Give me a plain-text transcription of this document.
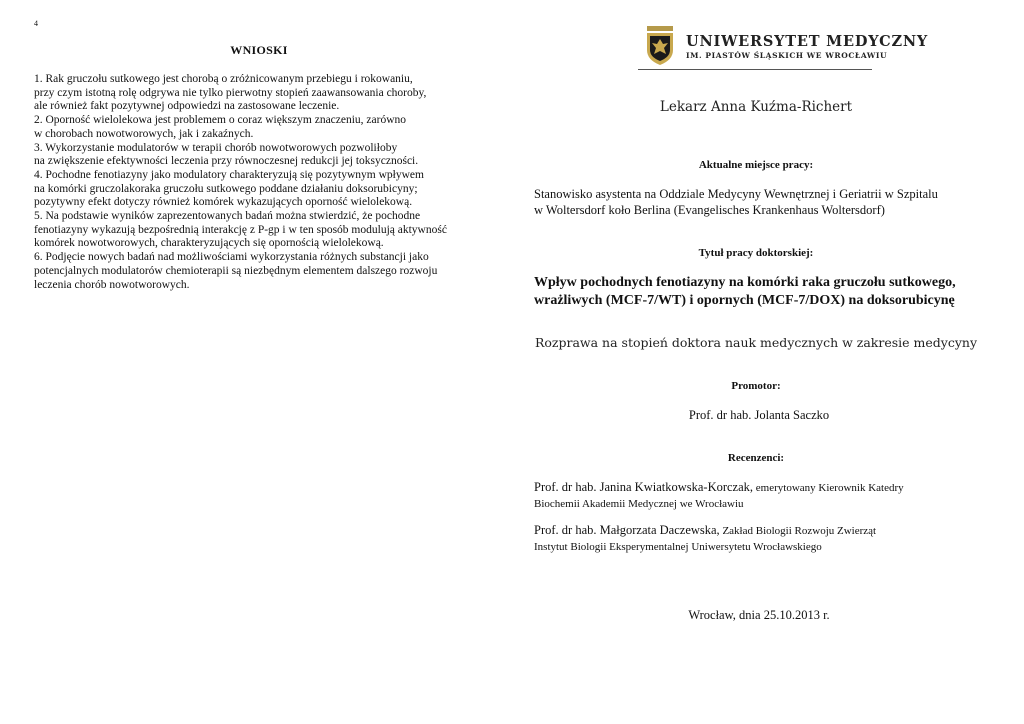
4
WNIOSKI

1. Rak gruczołu sutkowego jest chorobą o zróżnicowanym przebiegu i rokowaniu,

przy czym istotną rolę odgrywa nie tylko pierwotny stopień zaawansowania choroby,

ale również fakt pozytywnej odpowiedzi na zastosowane leczenie.

2. Oporność wielolekowa jest problemem o coraz większym znaczeniu, zarówno

w chorobach nowotworowych, jak i zakaźnych.

3. Wykorzystanie modulatorów w terapii chorób nowotworowych pozwoliłoby

na zwiększenie efektywności leczenia przy równoczesnej redukcji jej toksyczności.

4. Pochodne fenotiazyny jako modulatory charakteryzują się pozytywnym wpływem

na komórki gruczolakoraka gruczołu sutkowego poddane działaniu doksorubicyny;

pozytywny efekt dotyczy również komórek wykazujących oporność wielolekową.

5. Na podstawie wyników zaprezentowanych badań można stwierdzić, że pochodne

fenotiazyny wykazują bezpośrednią interakcję z P-gp i w ten sposób modulują aktywność

komórek nowotworowych, charakteryzujących się opornością wielolekową.

6. Podjęcie nowych badań nad możliwościami wykorzystania różnych substancji jako

potencjalnych modulatorów chemioterapii są niezbędnym elementem dalszego rozwoju

leczenia chorób nowotworowych.

UNIWERSYTET MEDYCZNY
IM. PIASTÓW ŚLĄSKICH WE WROCŁAWIU
Lekarz Anna Kuźma-Richert
Aktualne miejsce pracy:
Stanowisko asystenta na Oddziale Medycyny Wewnętrznej i Geriatrii w Szpitalu
w Woltersdorf koło Berlina (Evangelisches Krankenhaus Woltersdorf)
Tytuł pracy doktorskiej:
Wpływ pochodnych fenotiazyny na komórki raka gruczołu sutkowego,
wrażliwych (MCF-7/WT) i opornych (MCF-7/DOX) na doksorubicynę
Rozprawa na stopień doktora nauk medycznych w zakresie medycyny
Promotor:
Prof. dr hab. Jolanta Saczko
Recenzenci:
Prof. dr hab. Janina Kwiatkowska-Korczak, emerytowany Kierownik Katedry
Biochemii Akademii Medycznej we Wrocławiu
Prof. dr hab. Małgorzata Daczewska, Zakład Biologii Rozwoju Zwierząt
Instytut Biologii Eksperymentalnej Uniwersytetu Wrocławskiego
Wrocław, dnia 25.10.2013 r.
